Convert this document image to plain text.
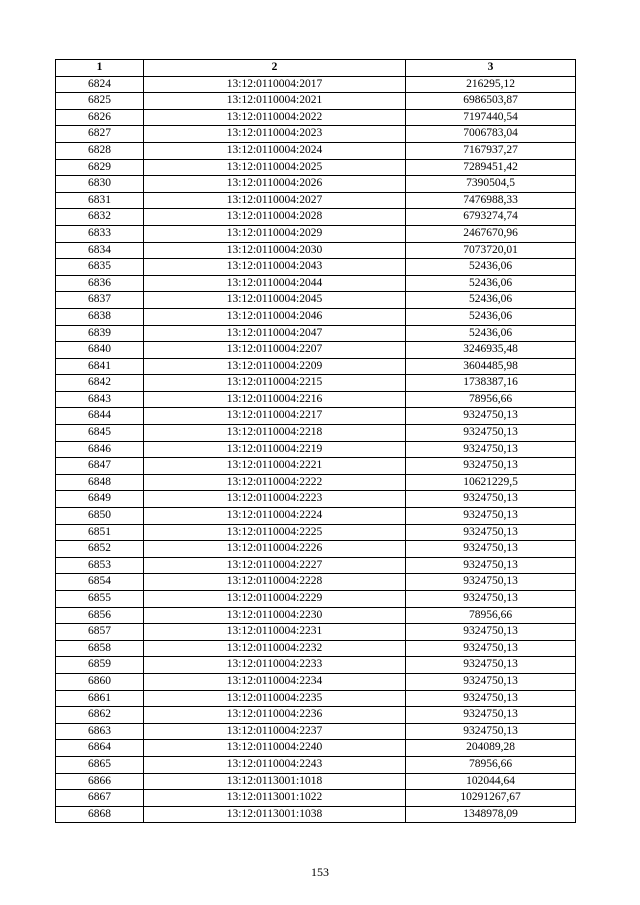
1	2	3
6824	13:12:0110004:2017	216295,12
6825	13:12:0110004:2021	6986503,87
6826	13:12:0110004:2022	7197440,54
6827	13:12:0110004:2023	7006783,04
6828	13:12:0110004:2024	7167937,27
6829	13:12:0110004:2025	7289451,42
6830	13:12:0110004:2026	7390504,5
6831	13:12:0110004:2027	7476988,33
6832	13:12:0110004:2028	6793274,74
6833	13:12:0110004:2029	2467670,96
6834	13:12:0110004:2030	7073720,01
6835	13:12:0110004:2043	52436,06
6836	13:12:0110004:2044	52436,06
6837	13:12:0110004:2045	52436,06
6838	13:12:0110004:2046	52436,06
6839	13:12:0110004:2047	52436,06
6840	13:12:0110004:2207	3246935,48
6841	13:12:0110004:2209	3604485,98
6842	13:12:0110004:2215	1738387,16
6843	13:12:0110004:2216	78956,66
6844	13:12:0110004:2217	9324750,13
6845	13:12:0110004:2218	9324750,13
6846	13:12:0110004:2219	9324750,13
6847	13:12:0110004:2221	9324750,13
6848	13:12:0110004:2222	10621229,5
6849	13:12:0110004:2223	9324750,13
6850	13:12:0110004:2224	9324750,13
6851	13:12:0110004:2225	9324750,13
6852	13:12:0110004:2226	9324750,13
6853	13:12:0110004:2227	9324750,13
6854	13:12:0110004:2228	9324750,13
6855	13:12:0110004:2229	9324750,13
6856	13:12:0110004:2230	78956,66
6857	13:12:0110004:2231	9324750,13
6858	13:12:0110004:2232	9324750,13
6859	13:12:0110004:2233	9324750,13
6860	13:12:0110004:2234	9324750,13
6861	13:12:0110004:2235	9324750,13
6862	13:12:0110004:2236	9324750,13
6863	13:12:0110004:2237	9324750,13
6864	13:12:0110004:2240	204089,28
6865	13:12:0110004:2243	78956,66
6866	13:12:0113001:1018	102044,64
6867	13:12:0113001:1022	10291267,67
6868	13:12:0113001:1038	1348978,09
153
